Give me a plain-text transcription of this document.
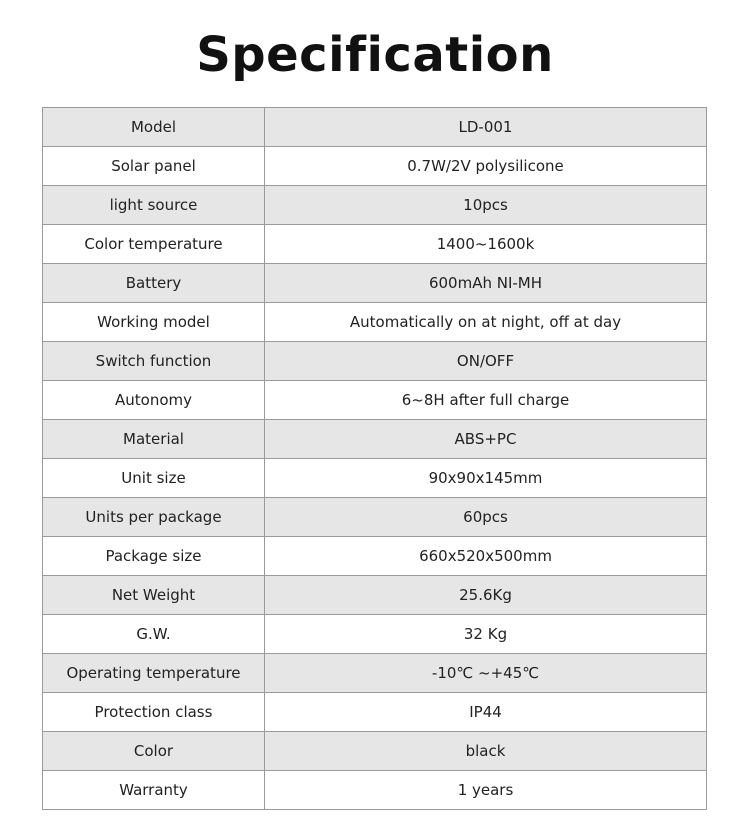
Specification
Model	LD-001
Solar panel	0.7W/2V polysilicone
light source	10pcs
Color temperature	1400~1600k
Battery	600mAh NI-MH
Working model	Automatically on at night, off at day
Switch function	ON/OFF
Autonomy	6~8H after full charge
Material	ABS+PC
Unit size	90x90x145mm
Units per package	60pcs
Package size	660x520x500mm
Net Weight	25.6Kg
G.W.	32 Kg
Operating temperature	-10℃ ~+45℃
Protection class	IP44
Color	black
Warranty	1 years
